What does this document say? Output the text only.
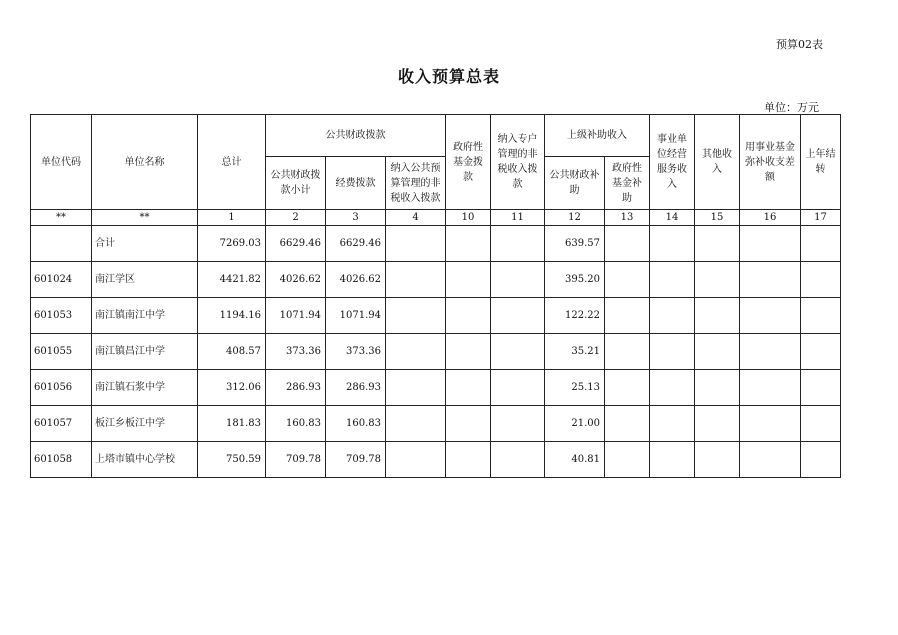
预算02表
收入预算总表
单位：万元
单位代码	单位名称	总计	公共财政拨款			政府性基金拨款	纳入专户管理的非税收入拨款	上级补助收入		事业单位经营服务收入	其他收入	用事业基金弥补收支差额	上年结转
			公共财政拨款小计	经费拨款	纳入公共预算管理的非税收入拨款			公共财政补助	政府性基金补助				
**	**	1	2	3	4	10	11	12	13	14	15	16	17
	合计	7269.03	6629.46	6629.46				639.57					
601024	南江学区	4421.82	4026.62	4026.62				395.20					
601053	南江镇南江中学	1194.16	1071.94	1071.94				122.22					
601055	南江镇昌江中学	408.57	373.36	373.36				35.21					
601056	南江镇石浆中学	312.06	286.93	286.93				25.13					
601057	板江乡板江中学	181.83	160.83	160.83				21.00					
601058	上塔市镇中心学校	750.59	709.78	709.78				40.81					
